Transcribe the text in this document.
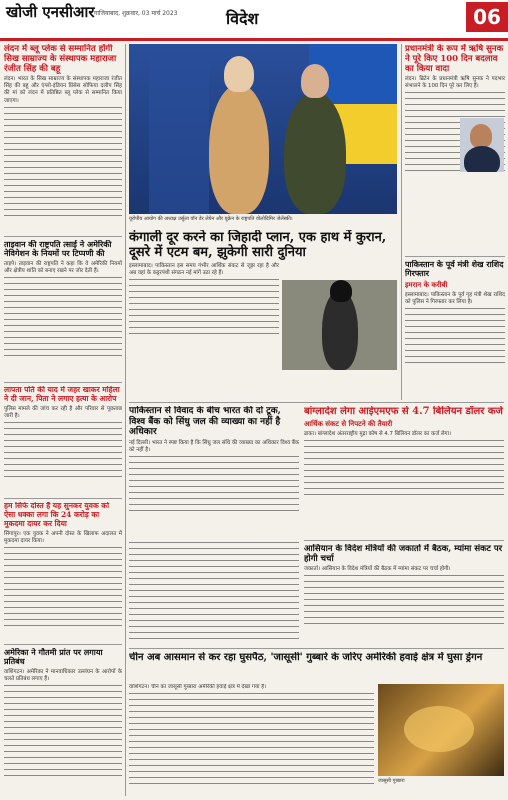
खोजी एनसीआर गाजियाबाद, शुक्रवार, 03 मार्च 2023	विदेश	06
लंदन में ब्लू प्लेक से सम्मानित होंगी सिख साम्राज्य के संस्थापक महाराजा रंजीत सिंह की बहू
लंदन। भारत के सिख साम्राज्य के संस्थापक महाराजा रंजीत सिंह की बहू और एंग्लो-इंडियन प्रिंसेस सोफिया दलीप सिंह की मां को लंदन में प्रतिष्ठित ब्लू प्लेक से सम्मानित किया जाएगा।
ताइवान की राष्ट्रपति त्साई ने अमेरिकी नेविगेशन के नियमों पर टिप्पणी की
ताइपे। ताइवान की राष्ट्रपति ने कहा कि वे अमेरिकी नियमों और क्षेत्रीय शांति को बनाए रखने पर जोर देती हैं।
लापता पति की याद में जहर खाकर महिला ने दी जान, पिता ने लगाए हत्या के आरोप
पुलिस मामले की जांच कर रही है और परिवार से पूछताछ जारी है।
हम सिर्फ दोस्त हैं यह सुनकर युवक को ऐसा धक्का लगा कि 24 करोड़ का मुकदमा दायर कर दिया
सिंगापुर। एक युवक ने अपनी दोस्त के खिलाफ अदालत में मुकदमा दायर किया।
अमेरिका ने गौतमी प्रांत पर लगाया प्रतिबंध
वाशिंगटन। अमेरिका ने मानवाधिकार उल्लंघन के आरोपों के चलते प्रतिबंध लगाए हैं।
यूरोपीय आयोग की अध्यक्ष उर्सुला वॉन डेर लेयेन और यूक्रेन के राष्ट्रपति वोलोदिमिर जेलेंस्की।
कंगाली दूर करने का जिहादी प्लान, एक हाथ में कुरान, दूसरे में एटम बम, झुकेगी सारी दुनिया
इस्लामाबाद। पाकिस्तान इस समय गंभीर आर्थिक संकट से जूझ रहा है और अब वहां के कट्टरपंथी संगठन नई मांगें उठा रहे हैं।
पाकिस्तान से विवाद के बीच भारत की दो टूक, विश्व बैंक को सिंधु जल की व्याख्या का नहीं है अधिकार
नई दिल्ली। भारत ने स्पष्ट किया है कि सिंधु जल संधि की व्याख्या का अधिकार विश्व बैंक को नहीं है।
बांग्लादेश लेगा आईएमएफ से 4.7 बिलियन डॉलर कर्ज
आर्थिक संकट से निपटने की तैयारी
ढाका। बांग्लादेश अंतरराष्ट्रीय मुद्रा कोष से 4.7 बिलियन डॉलर का कर्ज लेगा।
आसियान के विदेश मंत्रियों की जकार्ता में बैठक, म्यांमा संकट पर होगी चर्चा
जकार्ता। आसियान के विदेश मंत्रियों की बैठक में म्यांमा संकट पर चर्चा होगी।
चीन अब आसमान से कर रहा घुसपैठ, 'जासूसी' गुब्बारे के जरिए अमेरिकी हवाई क्षेत्र में घुसा ड्रेगन
वाशिंगटन। चीन का जासूसी गुब्बारा अमेरिकी हवाई क्षेत्र में देखा गया है।
जासूसी गुब्बारा
प्रधानमंत्री के रूप में ऋषि सुनक ने पूरे किए 100 दिन बदलाव का किया वादा
लंदन। ब्रिटेन के प्रधानमंत्री ऋषि सुनक ने पदभार संभालने के 100 दिन पूरे कर लिए हैं।
पाकिस्तान के पूर्व मंत्री शेख राशिद गिरफ्तार
इमरान के करीबी
इस्लामाबाद। पाकिस्तान के पूर्व गृह मंत्री शेख राशिद को पुलिस ने गिरफ्तार कर लिया है।
